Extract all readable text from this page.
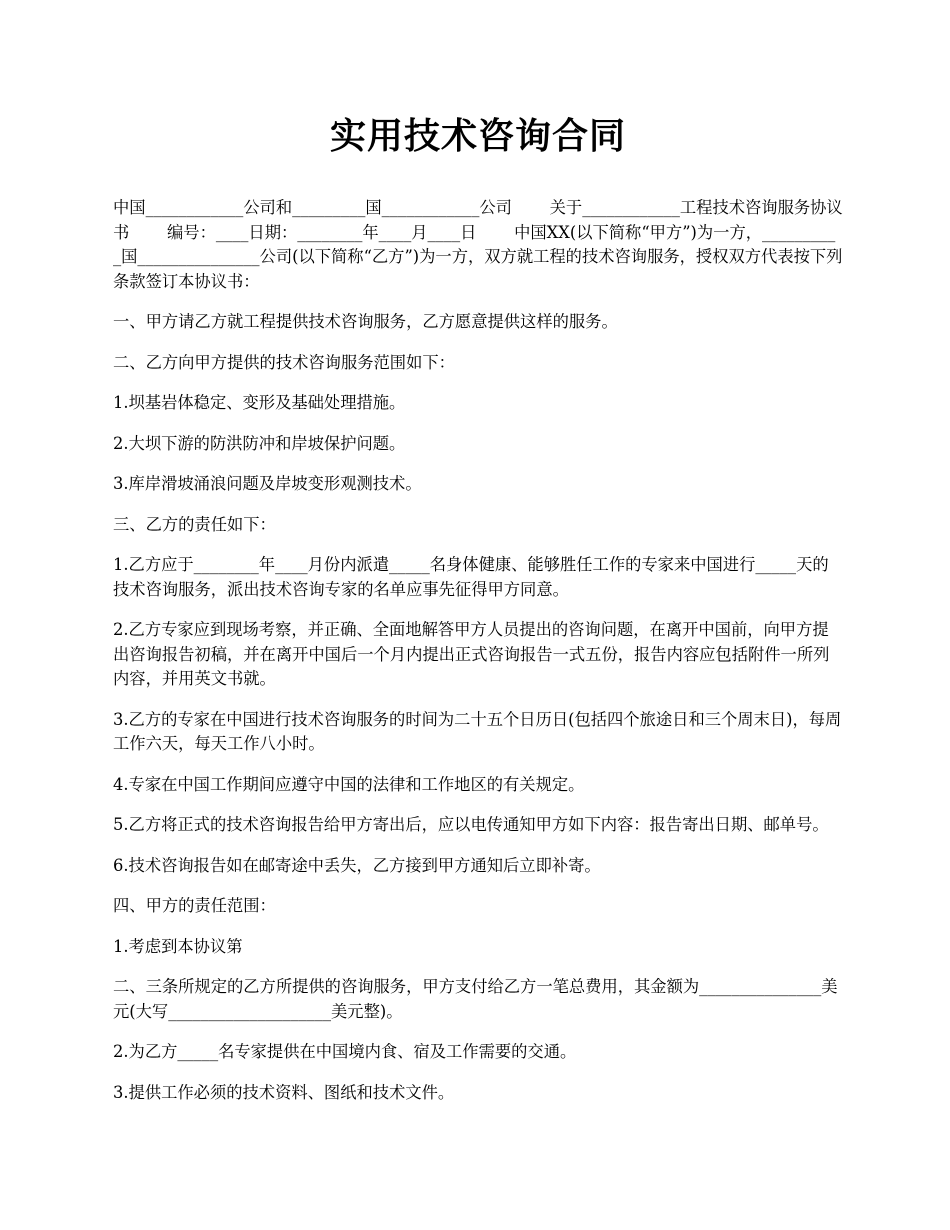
实用技术咨询合同

中国____________公司和_________国____________公司 　　关于____________工程技术咨询服务协议书 　　编号：____日期：________年____月____日 　　中国XX(以下简称“甲方”)为一方，__________国_______________公司(以下简称“乙方”)为一方，双方就工程的技术咨询服务，授权双方代表按下列条款签订本协议书：

一、甲方请乙方就工程提供技术咨询服务，乙方愿意提供这样的服务。

二、乙方向甲方提供的技术咨询服务范围如下：

1.坝基岩体稳定、变形及基础处理措施。

2.大坝下游的防洪防冲和岸坡保护问题。

3.库岸滑坡涌浪问题及岸坡变形观测技术。

三、乙方的责任如下：

1.乙方应于________年____月份内派遣_____名身体健康、能够胜任工作的专家来中国进行_____天的技术咨询服务，派出技术咨询专家的名单应事先征得甲方同意。

2.乙方专家应到现场考察，并正确、全面地解答甲方人员提出的咨询问题，在离开中国前，向甲方提出咨询报告初稿，并在离开中国后一个月内提出正式咨询报告一式五份，报告内容应包括附件一所列内容，并用英文书就。

3.乙方的专家在中国进行技术咨询服务的时间为二十五个日历日(包括四个旅途日和三个周末日)，每周工作六天，每天工作八小时。

4.专家在中国工作期间应遵守中国的法律和工作地区的有关规定。

5.乙方将正式的技术咨询报告给甲方寄出后，应以电传通知甲方如下内容：报告寄出日期、邮单号。

6.技术咨询报告如在邮寄途中丢失，乙方接到甲方通知后立即补寄。

四、甲方的责任范围：

1.考虑到本协议第

二、三条所规定的乙方所提供的咨询服务，甲方支付给乙方一笔总费用，其金额为_______________美元(大写____________________美元整)。

2.为乙方_____名专家提供在中国境内食、宿及工作需要的交通。

3.提供工作必须的技术资料、图纸和技术文件。
